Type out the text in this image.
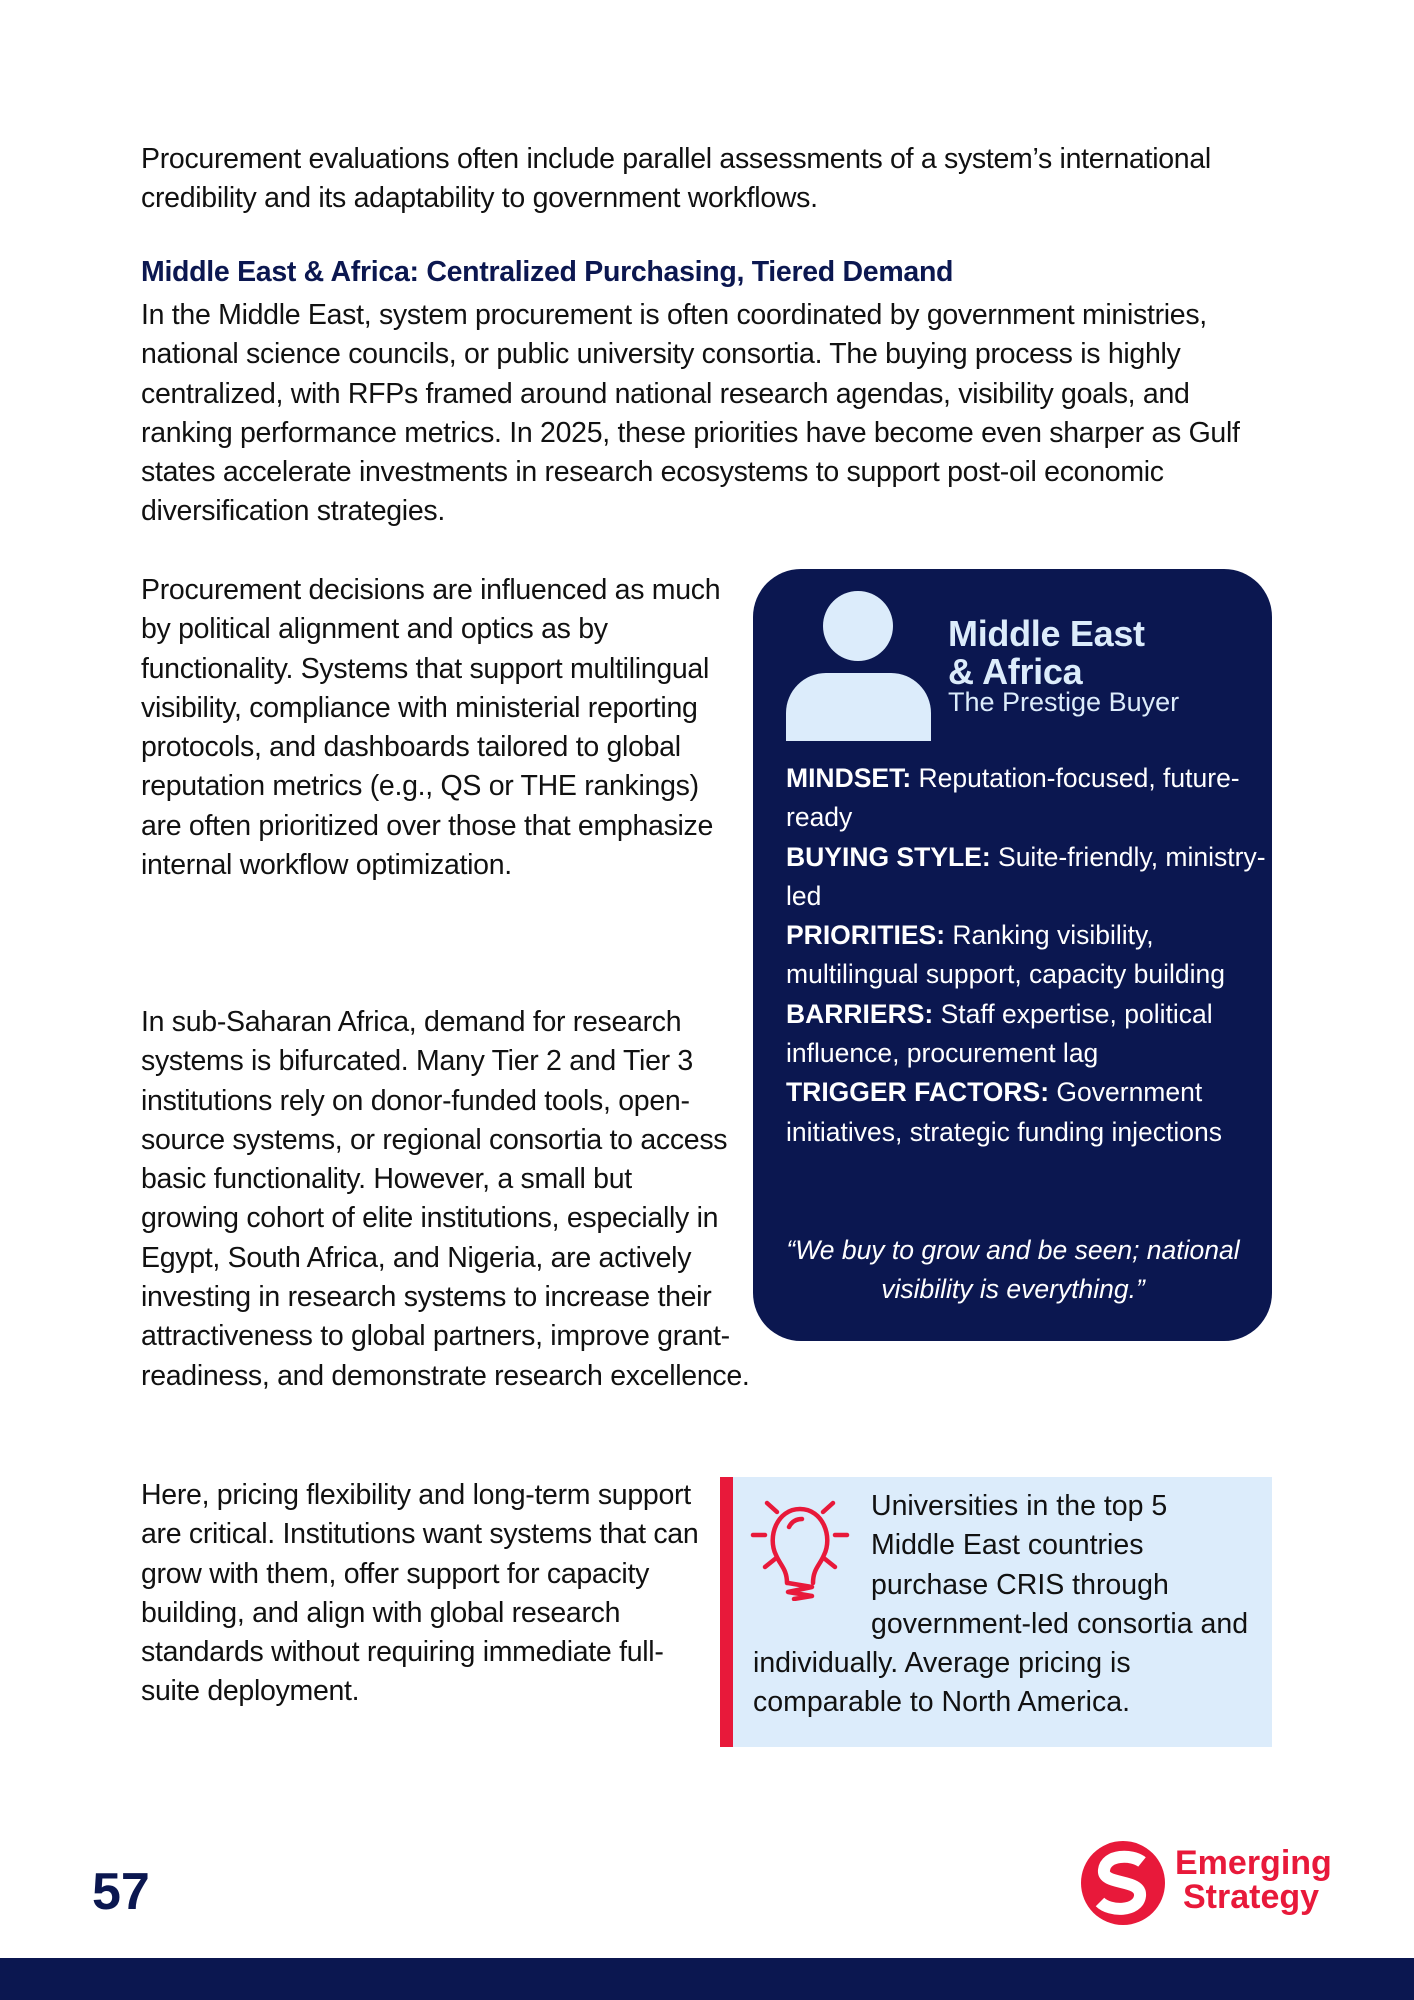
Procurement evaluations often include parallel assessments of a system’s international credibility and its adaptability to government workflows.

Middle East & Africa: Centralized Purchasing, Tiered Demand

In the Middle East, system procurement is often coordinated by government ministries, national science councils, or public university consortia. The buying process is highly centralized, with RFPs framed around national research agendas, visibility goals, and ranking performance metrics. In 2025, these priorities have become even sharper as Gulf states accelerate investments in research ecosystems to support post-oil economic diversification strategies.

Procurement decisions are influenced as much by political alignment and optics as by functionality. Systems that support multilingual visibility, compliance with ministerial reporting protocols, and dashboards tailored to global reputation metrics (e.g., QS or THE rankings) are often prioritized over those that emphasize internal workflow optimization.

In sub-Saharan Africa, demand for research systems is bifurcated. Many Tier 2 and Tier 3 institutions rely on donor-funded tools, open-source systems, or regional consortia to access basic functionality. However, a small but growing cohort of elite institutions, especially in Egypt, South Africa, and Nigeria, are actively investing in research systems to increase their attractiveness to global partners, improve grant-readiness, and demonstrate research excellence.

Here, pricing flexibility and long-term support are critical. Institutions want systems that can grow with them, offer support for capacity building, and align with global research standards without requiring immediate full-suite deployment.

Middle East
& Africa
The Prestige Buyer
MINDSET: Reputation-focused, future-ready
BUYING STYLE: Suite-friendly, ministry-led
PRIORITIES: Ranking visibility, multilingual support, capacity building
BARRIERS: Staff expertise, political influence, procurement lag
TRIGGER FACTORS: Government initiatives, strategic funding injections
“We buy to grow and be seen; national visibility is everything.”
Universities in the top 5 Middle East countries purchase CRIS through government-led consortia and individually. Average pricing is comparable to North America.
57	Emerging
Strategy
